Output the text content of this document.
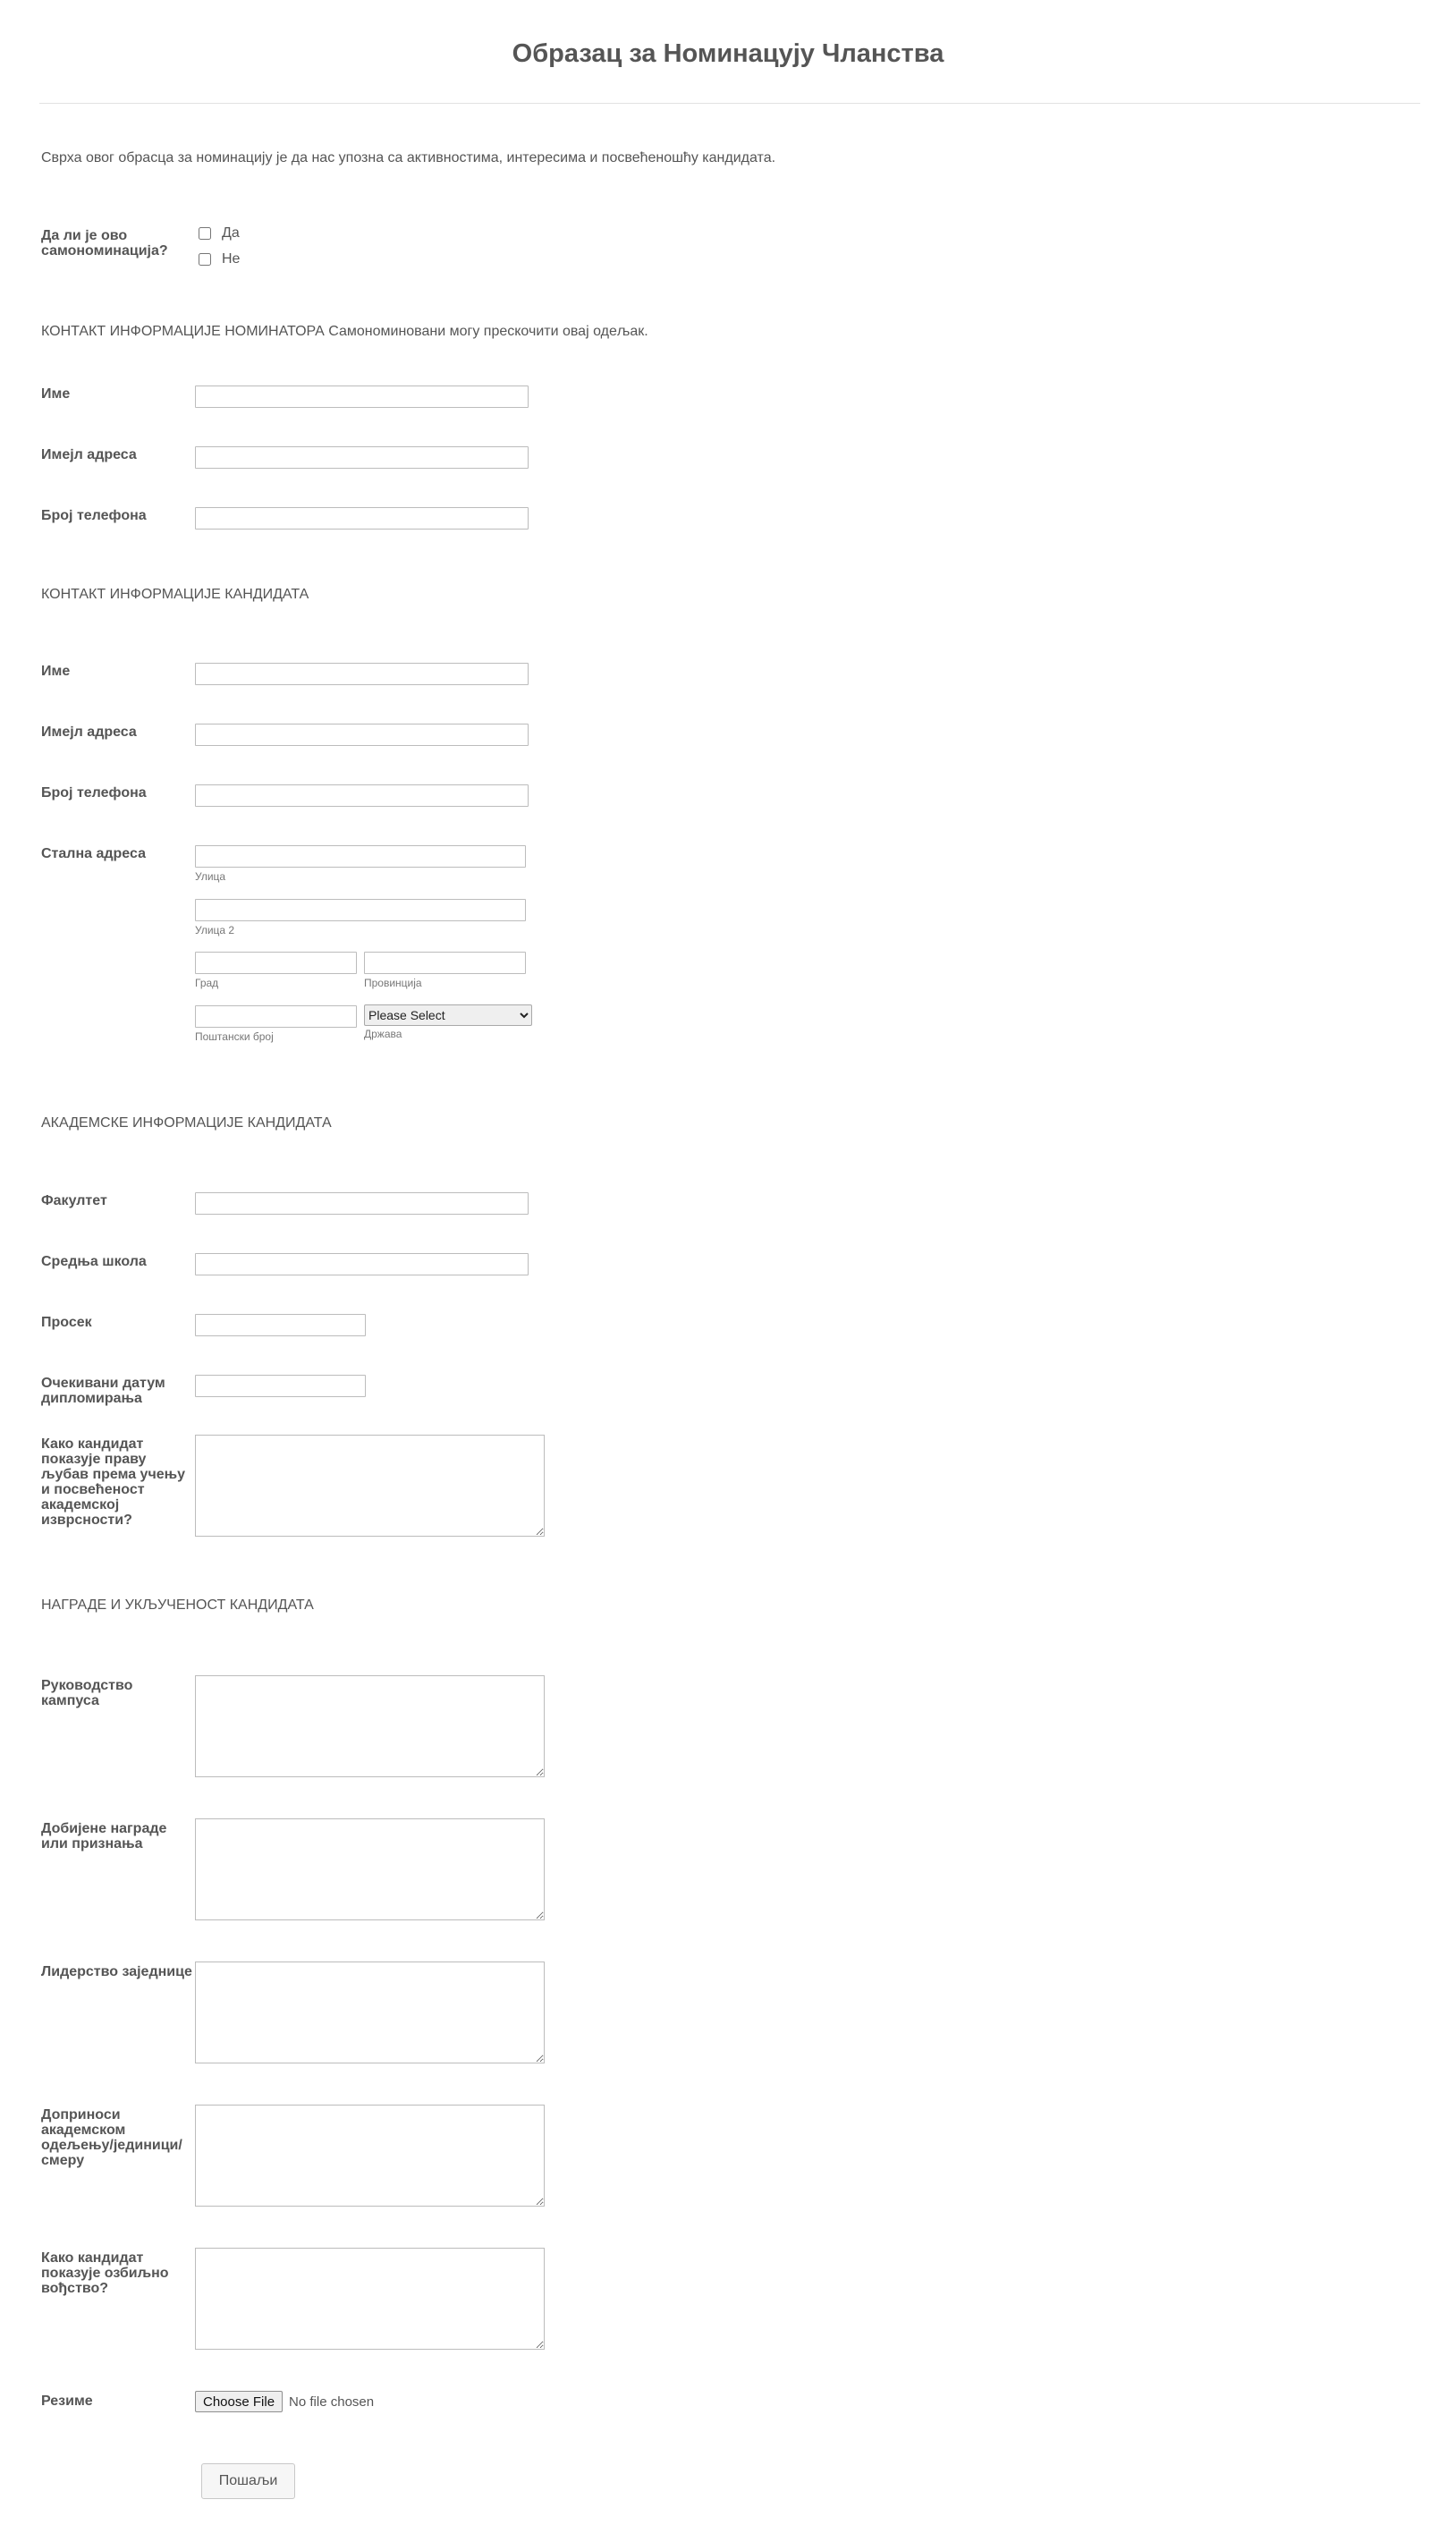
Образац за Номинацују Чланства
Сврха овог обрасца за номинацију је да нас упозна са активностима, интересима и посвећеношћу кандидата.
Да ли је ово самономинација?
Да
Не
КОНТАКТ ИНФОРМАЦИЈЕ НОМИНАТОРА Самономиновани могу прескочити овај одељак.
Име
Имејл адреса
Број телефона
КОНТАКТ ИНФОРМАЦИЈЕ КАНДИДАТА
Име
Имејл адреса
Број телефона
Стална адреса
Улица
Улица 2
Град	Провинција
Поштански број
Please Select	Држава
АКАДЕМСКЕ ИНФОРМАЦИЈЕ КАНДИДАТА
Факултет
Средња школа
Просек
Очекивани датум дипломирања
Како кандидат показује праву љубав према учењу и посвећеност академској изврсности?
НАГРАДЕ И УКЉУЧЕНОСТ КАНДИДАТА
Руководство кампуса
Добијене награде или признања
Лидерство заједнице
Доприноси академском одељењу/јединици/смеру
Како кандидат показује озбиљно вођство?
Резиме	Choose File	No file chosen
Пошаљи
